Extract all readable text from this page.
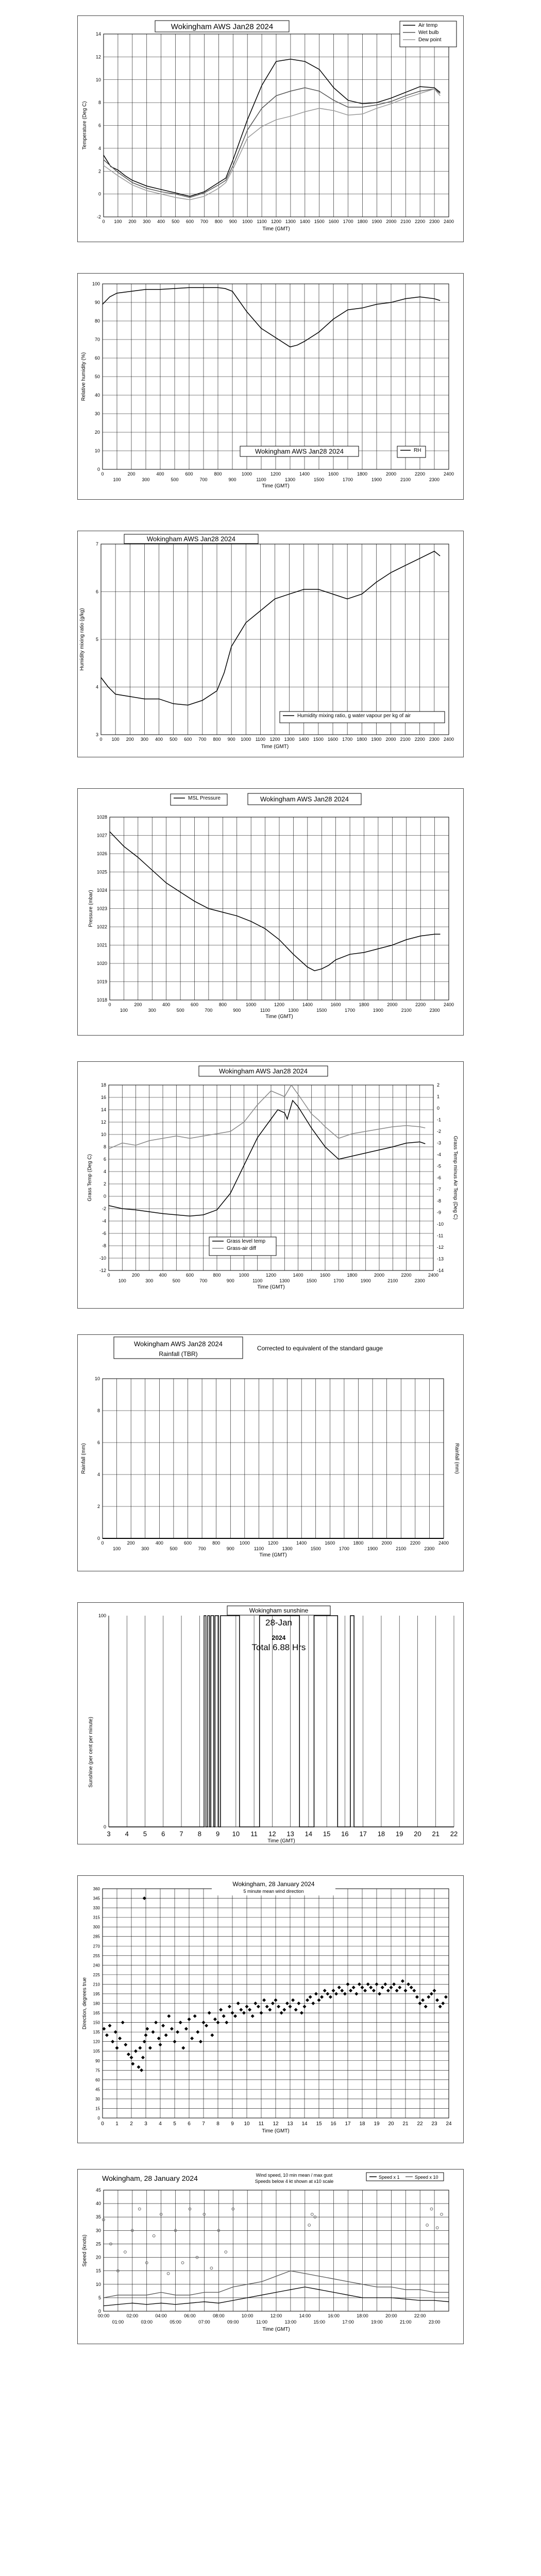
-2
0
2
4
6
8
10
12
14
0 100 200 300 400 500 600 700 800 900 1000 1100 1200 1300 1400 1500 1600 1700 1800 1900 2000 2100 2200 2300 2400
Time (GMT)
Temperature (Deg C)
Wokingham AWS Jan28 2024	Air temp
Wet bulb
Dew point
0
10
20
30
40
50
60
70
80
90
100
0	200	400	600	800	1000	1200	1400	1600	1800	2000	2200	2400
100	300	500	700	900	1100	1300	1500	1700	1900	2100	2300
Time (GMT)
Relative humidity (%)
RH
Wokingham AWS Jan28 2024
3
4
5
6
7
0 100 200 300 400 500 600 700 800 900 1000 1100 1200 1300 1400 1500 1600 1700 1800 1900 2000 2100 2200 2300 2400
Time (GMT)
Humidity mixing ratio (g/kg)
Wokingham AWS Jan28 2024
Humidity mixing ratio, g water vapour per kg of air
1018
1019
1020
1021
1022
1023
1024
1025
1026
1027
1028
0	200	400	600	800	1000	1200	1400	1600	1800	2000	2200	2400
100	300	500	700	900	1100	1300	1500	1700	1900	2100	2300
Time (GMT)
Pressure (mbar)
MSL Pressure	Wokingham AWS Jan28 2024
-12
-10
-8
-6
-4
-2
0
2
4
6
8
10
12
14
16
18
0	200	400	600	800	1000	1200	1400	1600	1800	2000	2200	2400
100	300	500	700	900	1100	1300	1500	1700	1900	2100	2300
Time (GMT)
Grass Temp (Deg C)
Wokingham AWS Jan28 2024
-14
-13
-12
-11
-10
-9
-8
-7
-6
-5
-4
-3
-2
-1
0
1
2
Grass Temp minus Air Temp (Deg C)
Grass level temp
Grass-air diff
0
2
4
6
8
10
0	200	400	600	800	1000	1200	1400	1600	1800	2000	2200	2400
100	300	500	700	900	1100	1300	1500	1700	1900	2100	2300
Time (GMT)
Rainfall (mm)
Wokingham AWS Jan28 2024
Rainfall (TBR)
Corrected to equivalent of the standard gauge
Rainfall (mm)
0
100
3 4 5 6 7 8 9 10 11 12 13 14 15 16 17 18 19 20 21 22
Time (GMT)
Sunshine (per cent per minute)
Wokingham sunshine
28-Jan
2024
Total 6.88 Hrs
0
15
30
45
60
75
90
105
120
135
150
165
180
195
210
225
240
255
270
285
300
315
330
345
360
0 1 2 3 4 5 6 7 8 9 10 11 12 13 14 15 16 17 18 19 20 21 22 23 24
Time (GMT)
Direction, degrees true
Wokingham, 28 January 2024
5 minute mean wind direction
0
5
10
15
20
25
30
35
40
45
00:00	02:00	04:00	06:00	08:00	10:00	12:00	14:00	16:00	18:00	20:00	22:00
01:00	03:00	05:00	07:00	09:00	11:00	13:00	15:00	17:00	19:00	21:00	23:00
Time (GMT)
Speed (knots)
Wokingham, 28 January 2024	Wind speed, 10 min mean / max gust
Speeds below 4 kt shown at x10 scale
Speed x 1	Speed x 10
